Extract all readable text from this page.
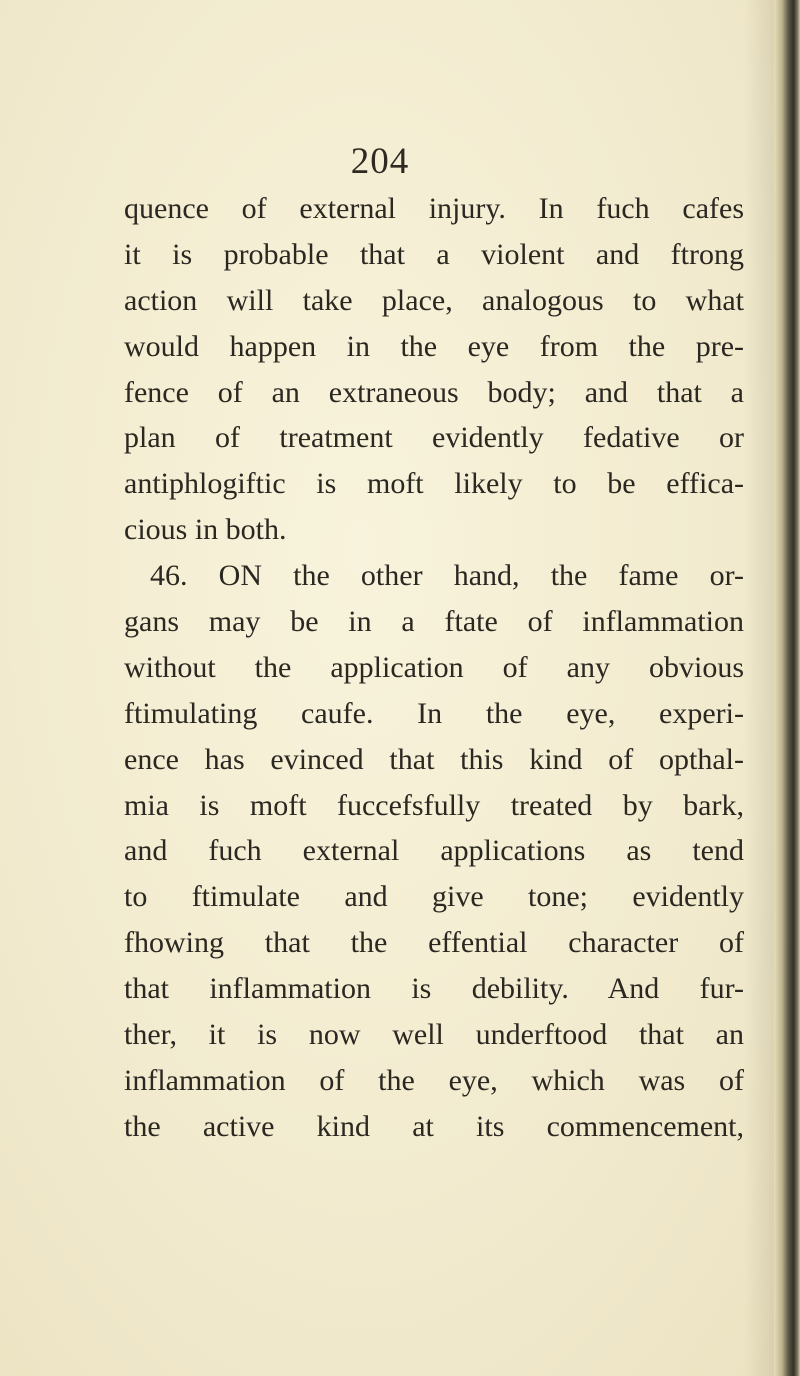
204
quence of external injury. In fuch cafes
it is probable that a violent and ftrong
action will take place, analogous to what
would happen in the eye from the pre-
fence of an extraneous body; and that a
plan of treatment evidently fedative or
antiphlogiftic is moft likely to be effica-
cious in both.
46. ON the other hand, the fame or-
gans may be in a ftate of inflammation
without the application of any obvious
ftimulating caufe. In the eye, experi-
ence has evinced that this kind of opthal-
mia is moft fuccefsfully treated by bark,
and fuch external applications as tend
to ftimulate and give tone; evidently
fhowing that the effential character of
that inflammation is debility. And fur-
ther, it is now well underftood that an
inflammation of the eye, which was of
the active kind at its commencement,
